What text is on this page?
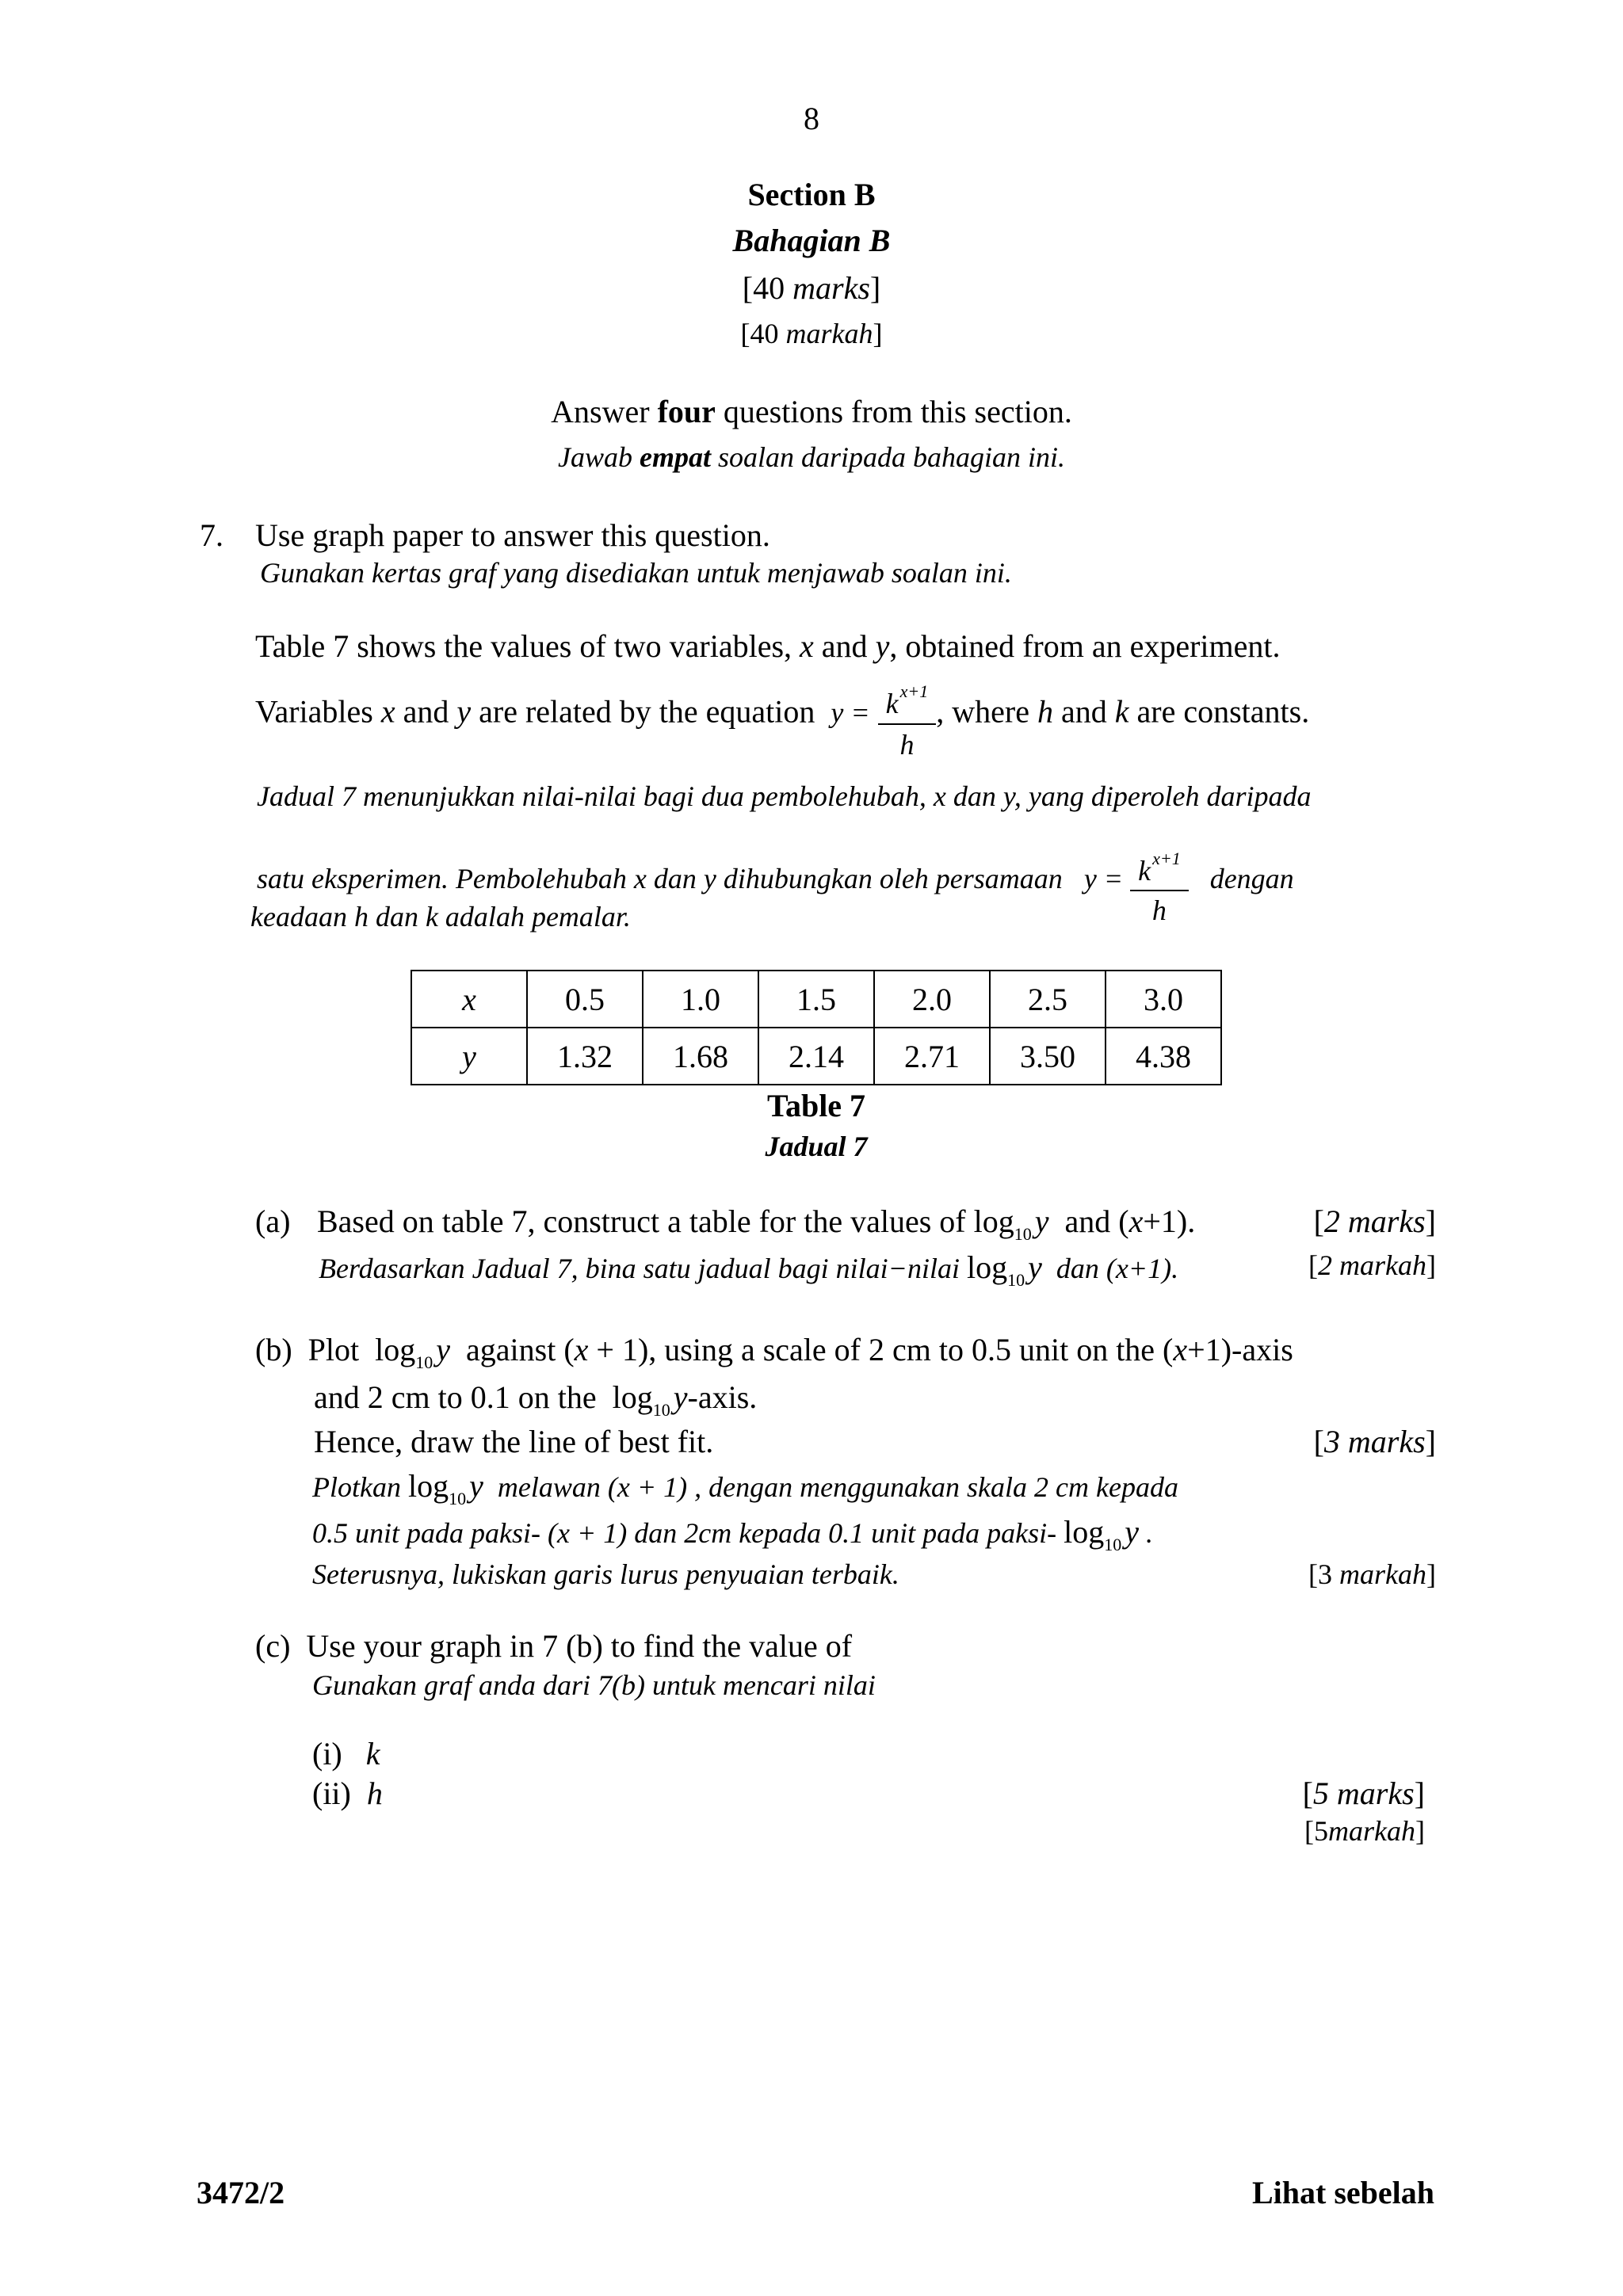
8
Section B
Bahagian B
[40 marks]
[40 markah]
Answer four questions from this section.
Jawab empat soalan daripada bahagian ini.
7. Use graph paper to answer this question.
Gunakan kertas graf yang disediakan untuk menjawab soalan ini.
Table 7 shows the values of two variables, x and y, obtained from an experiment.
Variables x and y are related by the equation $y = \frac{k^{x+1}}{h}$ , where h and k are constants.
Jadual 7 menunjukkan nilai-nilai bagi dua pembolehubah, x dan y, yang diperoleh daripada
satu eksperimen. Pembolehubah x dan y dihubungkan oleh persamaan $y = \frac{k^{x+1}}{h}$ dengan
keadaan h dan k adalah pemalar.
x	0.5	1.0	1.5	2.0	2.5	3.0
y	1.32	1.68	2.14	2.71	3.50	4.38
Table 7
Jadual 7
(a) Based on table 7, construct a table for the values of $\log_{10} y$ and (x+1).	[2 marks]
Berdasarkan Jadual 7, bina satu jadual bagi nilai−nilai $\log_{10} y$ dan (x+1).	[2 markah]
(b) Plot $\log_{10} y$ against (x + 1), using a scale of 2 cm to 0.5 unit on the (x+1)-axis
and 2 cm to 0.1 on the $\log_{10}$ y-axis.
Hence, draw the line of best fit.	[3 marks]
Plotkan $\log_{10} y$ melawan (x + 1) , dengan menggunakan skala 2 cm kepada
0.5 unit pada paksi- (x + 1) dan 2cm kepada 0.1 unit pada paksi- $\log_{10} y$ .
Seterusnya, lukiskan garis lurus penyuaian terbaik.	[3 markah]
(c) Use your graph in 7 (b) to find the value of
Gunakan graf anda dari 7(b) untuk mencari nilai
(i) k
(ii) h	[5 marks]
[5markah]
3472/2	Lihat sebelah
